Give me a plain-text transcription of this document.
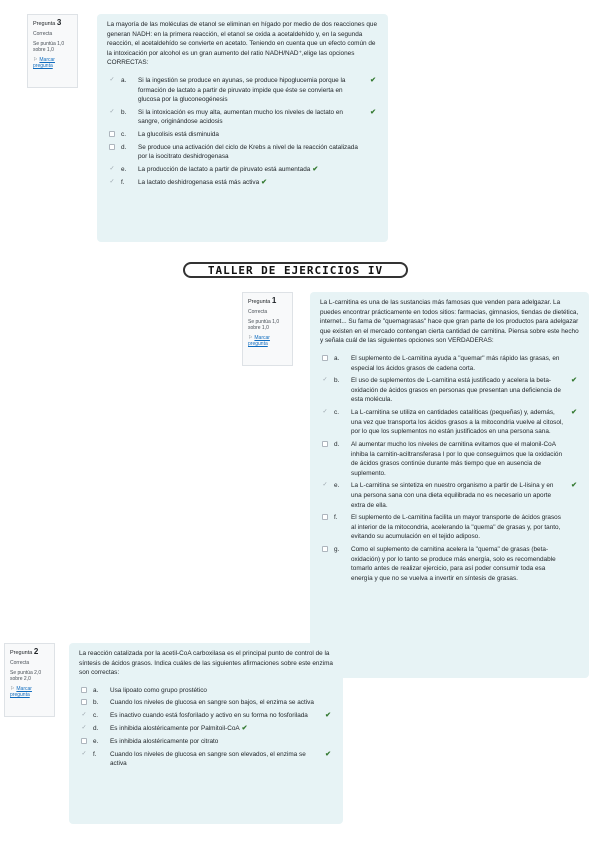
Pregunta 3
Correcta
Se puntúa 1,0 sobre 1,0
⚐ Marcar pregunta

La mayoría de las moléculas de etanol se eliminan en hígado por medio de dos reacciones que generan NADH: en la primera reacción, el etanol se oxida a acetaldehído y, en la segunda reacción, el acetaldehído se convierte en acetato. Teniendo en cuenta que un efecto común de la intoxicación por alcohol es un gran aumento del ratio NADH/NAD⁺,elige las opciones CORRECTAS:

✓ a. Si la ingestión se produce en ayunas, se produce hipoglucemia porque la formación de lactato a partir de piruvato impide que éste se convierta en glucosa por la gluconeogénesis
✔
✓ b. Si la intoxicación es muy alta, aumentan mucho los niveles de lactato en sangre, originándose acidosis
✔
c. La glucolisis está disminuida
d. Se produce una activación del ciclo de Krebs a nivel de la reacción catalizada por la isocitrato deshidrogenasa
✓ e. La producción de lactato a partir de piruvato está aumentada ✔
✓ f. La lactato deshidrogenasa está más activa ✔
TALLER DE EJERCICIOS IV
Pregunta 1
Correcta
Se puntúa 1,0 sobre 1,0
⚐ Marcar pregunta

La L-carnitina es una de las sustancias más famosas que venden para adelgazar. La puedes encontrar prácticamente en todos sitios: farmacias, gimnasios, tiendas de dietética, internet... Su fama de "quemagrasas" hace que gran parte de los productos para adelgazar que existen en el mercado contengan cierta cantidad de carnitina. Piensa sobre este hecho y señala cuál de las siguientes opciones son VERDADERAS:

a. El suplemento de L-carnitina ayuda a "quemar" más rápido las grasas, en especial los ácidos grasos de cadena corta.
✓ b. El uso de suplementos de L-carnitina está justificado y acelera la beta-oxidación de ácidos grasos en personas que presentan una deficiencia de esta molécula.
✔
✓ c. La L-carnitina se utiliza en cantidades catalíticas (pequeñas) y, además, una vez que transporta los ácidos grasos a la mitocondria vuelve al citosol, por lo que los suplementos no están justificados en una persona sana.
✔
d. Al aumentar mucho los niveles de carnitina evitamos que el malonil-CoA inhiba la carnitin-aciltransferasa I por lo que conseguimos que la oxidación de ácidos grasos continúe durante más tiempo que en ausencia de suplemento.
✓ e. La L-carnitina se sintetiza en nuestro organismo a partir de L-lisina y en una persona sana con una dieta equilibrada no es necesario un aporte extra de ella.
✔
f. El suplemento de L-carnitina facilita un mayor transporte de ácidos grasos al interior de la mitocondria, acelerando la "quema" de grasas y, por tanto, evitando su acumulación en el tejido adiposo.
g. Como el suplemento de carnitina acelera la "quema" de grasas (beta-oxidación) y por lo tanto se produce más energía, solo es recomendable tomarlo antes de realizar ejercicio, para así poder consumir toda esa energía y que no se vuelva a invertir en síntesis de grasas.
Pregunta 2
Correcta
Se puntúa 2,0 sobre 2,0
⚐ Marcar pregunta

La reacción catalizada por la acetil-CoA carboxilasa es el principal punto de control de la síntesis de ácidos grasos. Indica cuáles de las siguientes afirmaciones sobre este enzima son correctas:

a. Usa lipoato como grupo prostético
b. Cuando los niveles de glucosa en sangre son bajos, el enzima se activa
✓ c. Es inactivo cuando está fosforilado y activo en su forma no fosforilada ✔
✓ d. Es inhibida alostéricamente por Palmitoil-CoA ✔
e. Es inhibida alostéricamente por citrato
✓ f. Cuando los niveles de glucosa en sangre son elevados, el enzima se activa
✔
